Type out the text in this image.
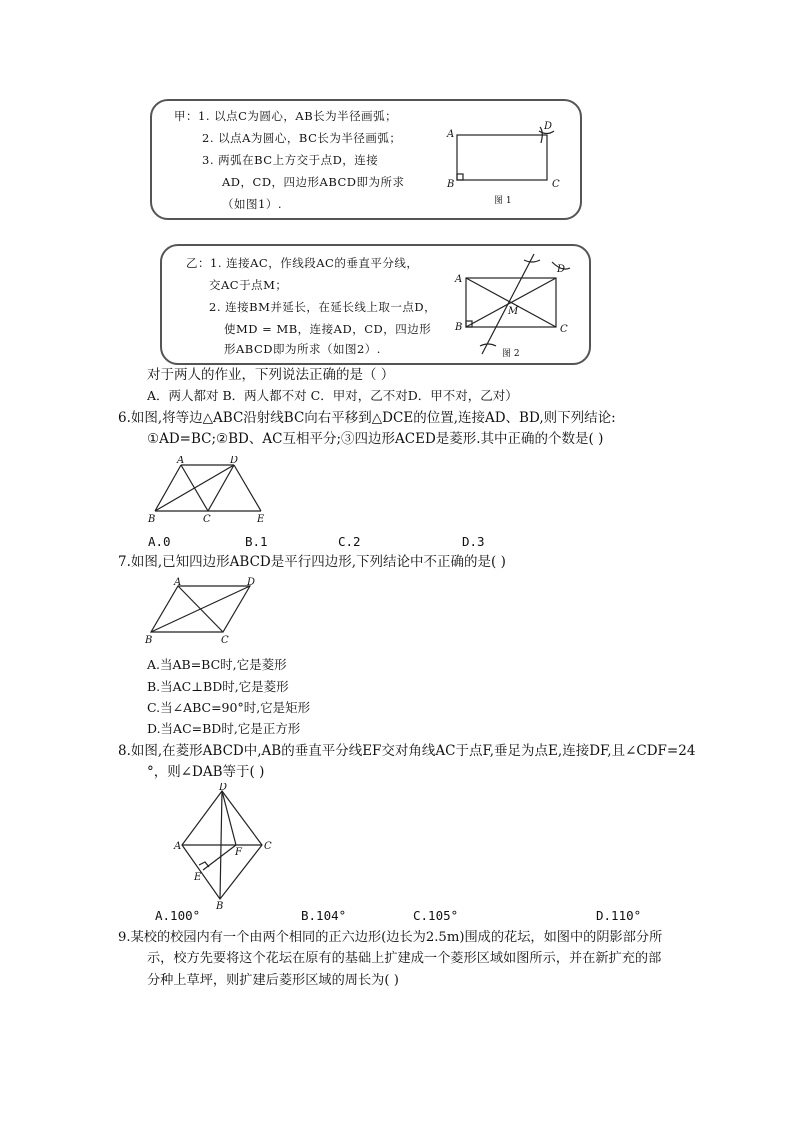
甲：1. 以点C为圆心，AB长为半径画弧；
2. 以点A为圆心，BC长为半径画弧；
3. 两弧在BC上方交于点D，连接
AD，CD，四边形ABCD即为所求
（如图1）.
A
B	C
D
图 1
乙：1. 连接AC，作线段AC的垂直平分线，
交AC于点M；
2. 连接BM并延长，在延长线上取一点D，
使MD = MB，连接AD，CD，四边形
形ABCD即为所求（如图2）.
A
B	C
D
M
图 2
对于两人的作业，下列说法正确的是（ ）
A．两人都对 B．两人都不对 C．甲对，乙不对D．甲不对，乙对）
6.如图,将等边△ABC沿射线BC向右平移到△DCE的位置,连接AD、BD,则下列结论:
①AD=BC;②BD、AC互相平分;③四边形ACED是菱形.其中正确的个数是( )
A	D
B	C	E
A.0	B.1	C.2	D.3
7.如图,已知四边形ABCD是平行四边形,下列结论中不正确的是( )
A	D
B	C
A.当AB=BC时,它是菱形
B.当AC⊥BD时,它是菱形
C.当∠ABC=90°时,它是矩形
D.当AC=BD时,它是正方形
8.如图,在菱形ABCD中,AB的垂直平分线EF交对角线AC于点F,垂足为点E,连接DF,且∠CDF=24
°，则∠DAB等于( )
D
A
F
C
E
B
A.100°	B.104°	C.105°	D.110°
9.某校的校园内有一个由两个相同的正六边形(边长为2.5m)围成的花坛，如图中的阴影部分所
示，校方先要将这个花坛在原有的基础上扩建成一个菱形区域如图所示，并在新扩充的部
分种上草坪，则扩建后菱形区域的周长为( )
